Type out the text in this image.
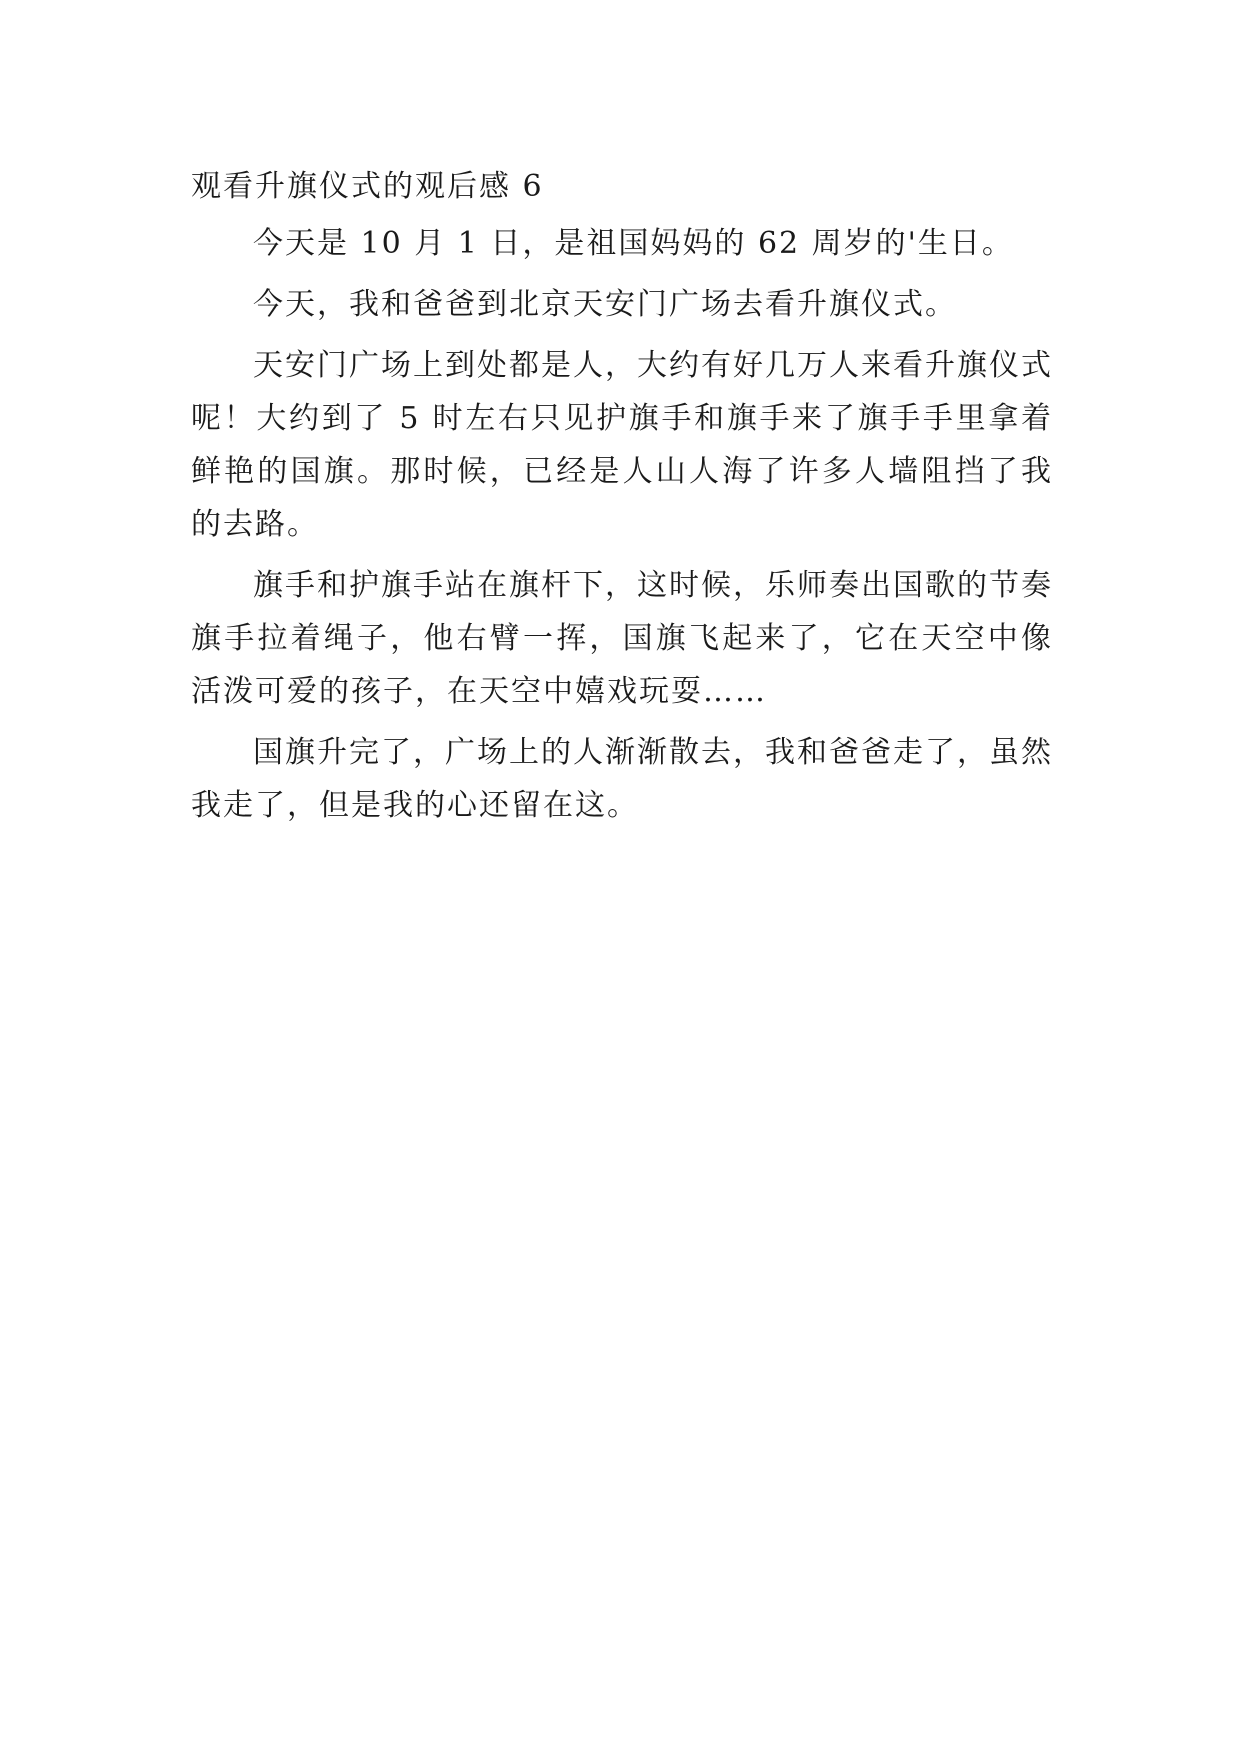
观看升旗仪式的观后感 6

今天是 10 月 1 日，是祖国妈妈的 62 周岁的'生日。

今天，我和爸爸到北京天安门广场去看升旗仪式。

天安门广场上到处都是人，大约有好几万人来看升旗仪式呢！大约到了 5 时左右只见护旗手和旗手来了旗手手里拿着鲜艳的国旗。那时候，已经是人山人海了许多人墙阻挡了我的去路。

旗手和护旗手站在旗杆下，这时候，乐师奏出国歌的节奏旗手拉着绳子，他右臂一挥，国旗飞起来了，它在天空中像活泼可爱的孩子，在天空中嬉戏玩耍……

国旗升完了，广场上的人渐渐散去，我和爸爸走了，虽然我走了，但是我的心还留在这。
